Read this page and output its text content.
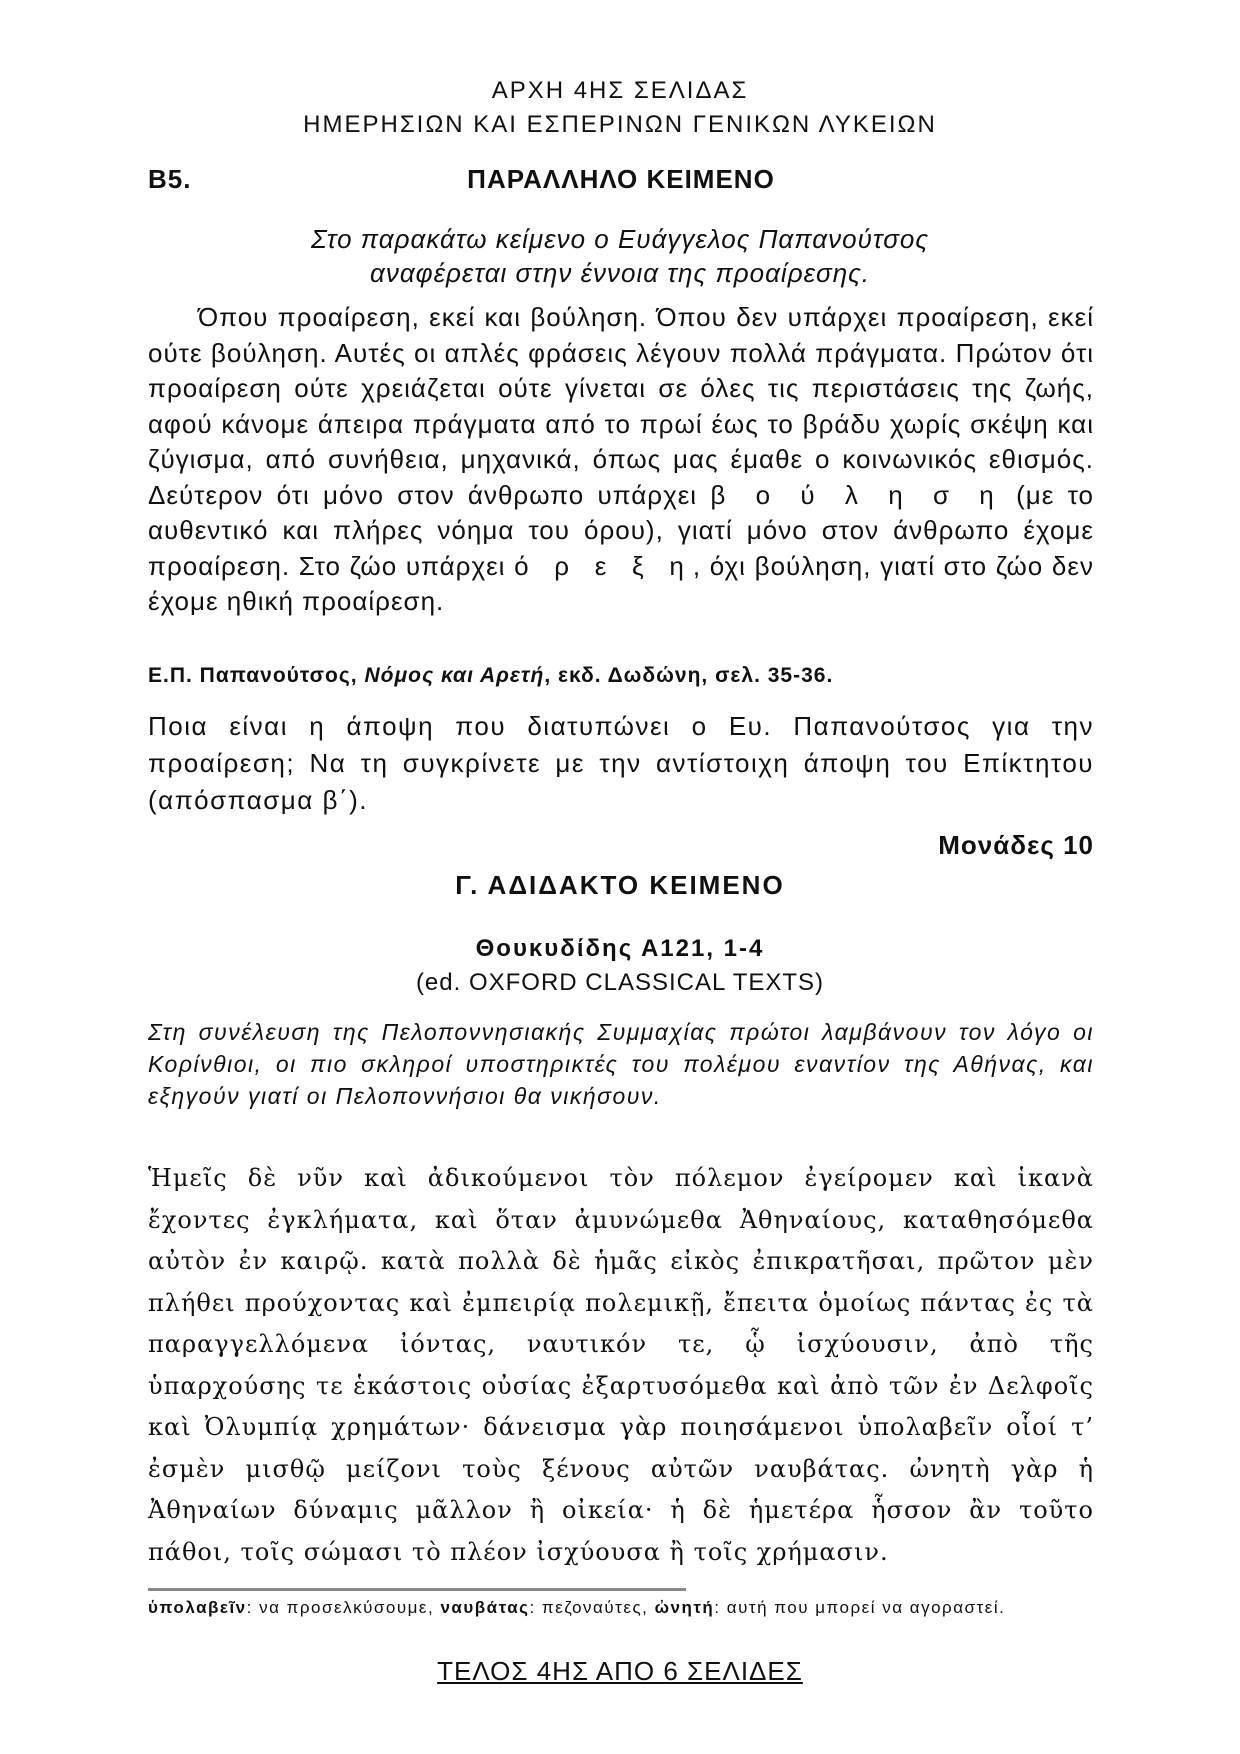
ΑΡΧΗ 4ΗΣ ΣΕΛΙΔΑΣ
ΗΜΕΡΗΣΙΩΝ ΚΑΙ ΕΣΠΕΡΙΝΩΝ ΓΕΝΙΚΩΝ ΛΥΚΕΙΩΝ
Β5.	ΠΑΡΑΛΛΗΛΟ ΚΕΙΜΕΝΟ
Στο παρακάτω κείμενο ο Ευάγγελος Παπανούτσος
αναφέρεται στην έννοια της προαίρεσης.

Όπου προαίρεση, εκεί και βούληση. Όπου δεν υπάρχει προαίρεση, εκεί ούτε βούληση. Αυτές οι απλές φράσεις λέγουν πολλά πράγματα. Πρώτον ότι προαίρεση ούτε χρειάζεται ούτε γίνεται σε όλες τις περιστάσεις της ζωής, αφού κάνομε άπειρα πράγματα από το πρωί έως το βράδυ χωρίς σκέψη και ζύγισμα, από συνήθεια, μηχανικά, όπως μας έμαθε ο κοινωνικός εθισμός. Δεύτερον ότι μόνο στον άνθρωπο υπάρχει β ο ύ λ η σ η (με το αυθεντικό και πλήρες νόημα του όρου), γιατί μόνο στον άνθρωπο έχομε προαίρεση. Στο ζώο υπάρχει ό ρ ε ξ η, όχι βούληση, γιατί στο ζώο δεν έχομε ηθική προαίρεση.

Ε.Π. Παπανούτσος, Νόμος και Αρετή, εκδ. Δωδώνη, σελ. 35-36.

Ποια είναι η άποψη που διατυπώνει ο Ευ. Παπανούτσος για την προαίρεση; Να τη συγκρίνετε με την αντίστοιχη άποψη του Επίκτητου (απόσπασμα β΄).

Μονάδες 10
Γ. ΑΔΙΔΑΚΤΟ ΚΕΙΜΕΝΟ
Θουκυδίδης Α121, 1-4
(ed. OXFORD CLASSICAL TEXTS)

Στη συνέλευση της Πελοποννησιακής Συμμαχίας πρώτοι λαμβάνουν τον λόγο οι Κορίνθιοι, οι πιο σκληροί υποστηρικτές του πολέμου εναντίον της Αθήνας, και εξηγούν γιατί οι Πελοποννήσιοι θα νικήσουν.

Ἡμεῖς δὲ νῦν καὶ ἀδικούμενοι τὸν πόλεμον ἐγείρομεν καὶ ἱκανὰ ἔχοντες ἐγκλήματα, καὶ ὅταν ἀμυνώμεθα Ἀθηναίους, καταθησόμεθα αὐτὸν ἐν καιρῷ. κατὰ πολλὰ δὲ ἡμᾶς εἰκὸς ἐπικρατῆσαι, πρῶτον μὲν πλήθει προύχοντας καὶ ἐμπειρίᾳ πολεμικῇ, ἔπειτα ὁμοίως πάντας ἐς τὰ παραγγελλόμενα ἰόντας, ναυτικόν τε, ᾧ ἰσχύουσιν, ἀπὸ τῆς ὑπαρχούσης τε ἑκάστοις οὐσίας ἐξαρτυσόμεθα καὶ ἀπὸ τῶν ἐν Δελφοῖς καὶ Ὀλυμπίᾳ χρημάτων· δάνεισμα γὰρ ποιησάμενοι ὑπολαβεῖν οἷοί τ’ ἐσμὲν μισθῷ μείζονι τοὺς ξένους αὐτῶν ναυβάτας. ὠνητὴ γὰρ ἡ Ἀθηναίων δύναμις μᾶλλον ἢ οἰκεία· ἡ δὲ ἡμετέρα ἧσσον ἂν τοῦτο πάθοι, τοῖς σώμασι τὸ πλέον ἰσχύουσα ἢ τοῖς χρήμασιν.

ὑπολαβεῖν: να προσελκύσουμε, ναυβάτας: πεζοναύτες, ὠνητή: αυτή που μπορεί να αγοραστεί.

ΤΕΛΟΣ 4ΗΣ ΑΠΟ 6 ΣΕΛΙΔΕΣ
